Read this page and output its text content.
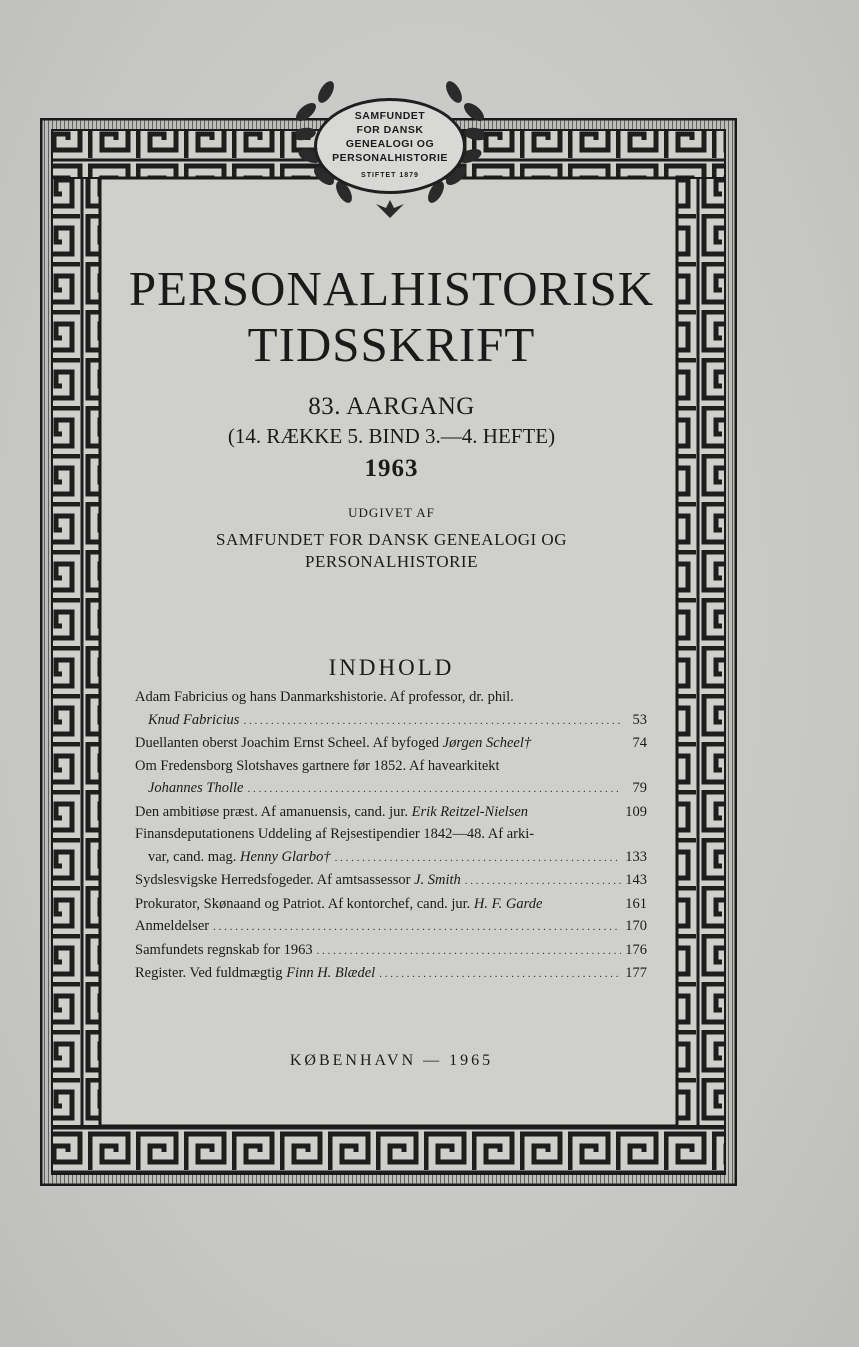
SAMFUNDET
FOR DANSK
GENEALOGI OG
PERSONALHISTORIE
STIFTET 1879
PERSONALHISTORISK
TIDSSKRIFT
83. AARGANG
(14. RÆKKE 5. BIND 3.—4. HEFTE)
1963
UDGIVET AF
SAMFUNDET FOR DANSK GENEALOGI OG
PERSONALHISTORIE
INDHOLD
Adam Fabricius og hans Danmarkshistorie. Af professor, dr. phil.
Knud Fabricius . . .	53
Duellanten oberst Joachim Ernst Scheel. Af byfoged Jørgen Scheel†	74
Om Fredensborg Slotshaves gartnere før 1852. Af havearkitekt
Johannes Tholle . . .	79
Den ambitiøse præst. Af amanuensis, cand. jur. Erik Reitzel-Nielsen	109
Finansdeputationens Uddeling af Rejsestipendier 1842—48. Af arki-
var, cand. mag. Henny Glarbo† . . .	133
Sydslesvigske Herredsfogeder. Af amtsassessor J. Smith . . .	143
Prokurator, Skønaand og Patriot. Af kontorchef, cand. jur. H. F. Garde	161
Anmeldelser . . .	170
Samfundets regnskab for 1963 . . .	176
Register. Ved fuldmægtig Finn H. Blædel . . .	177
KØBENHAVN — 1965
